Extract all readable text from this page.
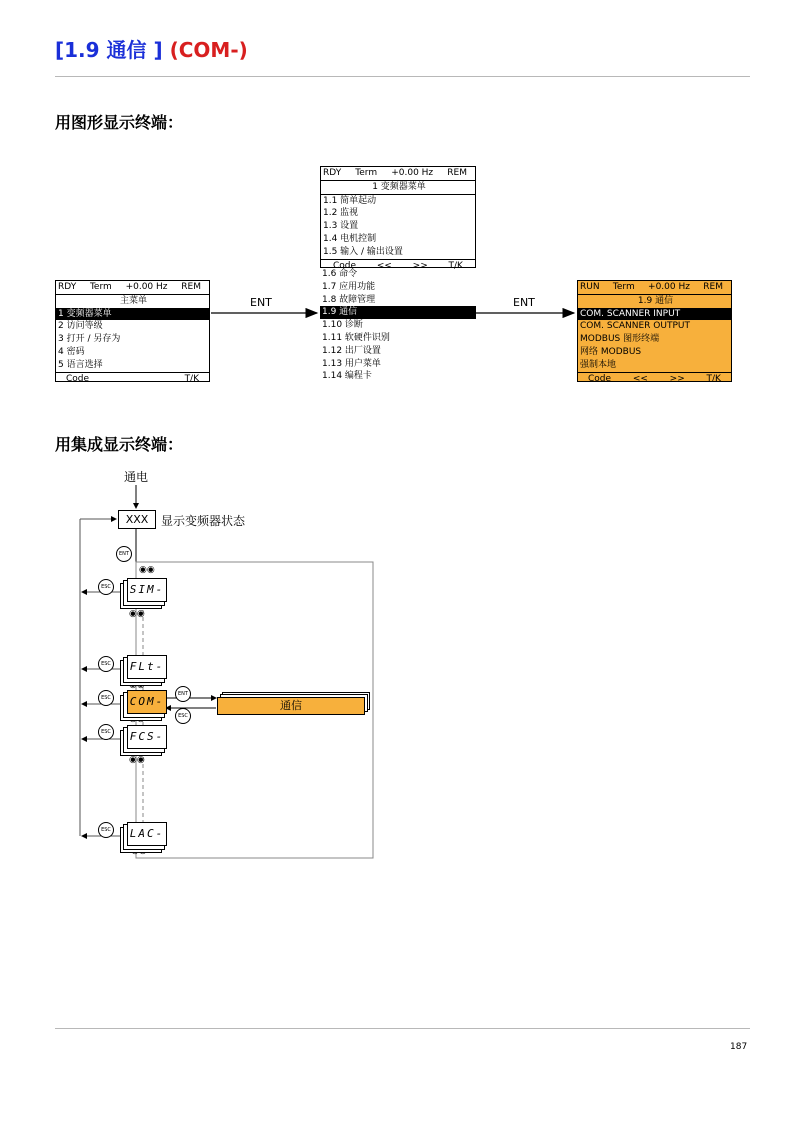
[1.9 通信 ] (COM-)
用图形显示终端：
RDY Term +0.00 Hz REM
主菜单
1 变频器菜单
2 访问等级
3 打开 / 另存为
4 密码
5 语言选择
Code	T/K
RDY Term +0.00 Hz REM
1 变频器菜单
1.1 简单起动
1.2 监视
1.3 设置
1.4 电机控制
1.5 输入 / 输出设置
Code << >> T/K
1.6 命令
1.7 应用功能
1.8 故障管理
1.9 通信
1.10 诊断
1.11 软硬件识别
1.12 出厂设置
1.13 用户菜单
1.14 编程卡
RUN Term +0.00 Hz REM
1.9 通信
COM. SCANNER INPUT
COM. SCANNER OUTPUT
MODBUS 图形终端
网络 MODBUS
强制本地
Code << >> T/K
ENT	ENT
用集成显示终端：
通电
XXX	显示变频器状态
ENT
ESC
ESC
ESC
ESC
ESC
ENT
ESC
◉◉
◉◉
◉◉
◉◉
◉◉
◉◉
SIM-
FLt-
COM-
FCS-
LAC-
通信
187
